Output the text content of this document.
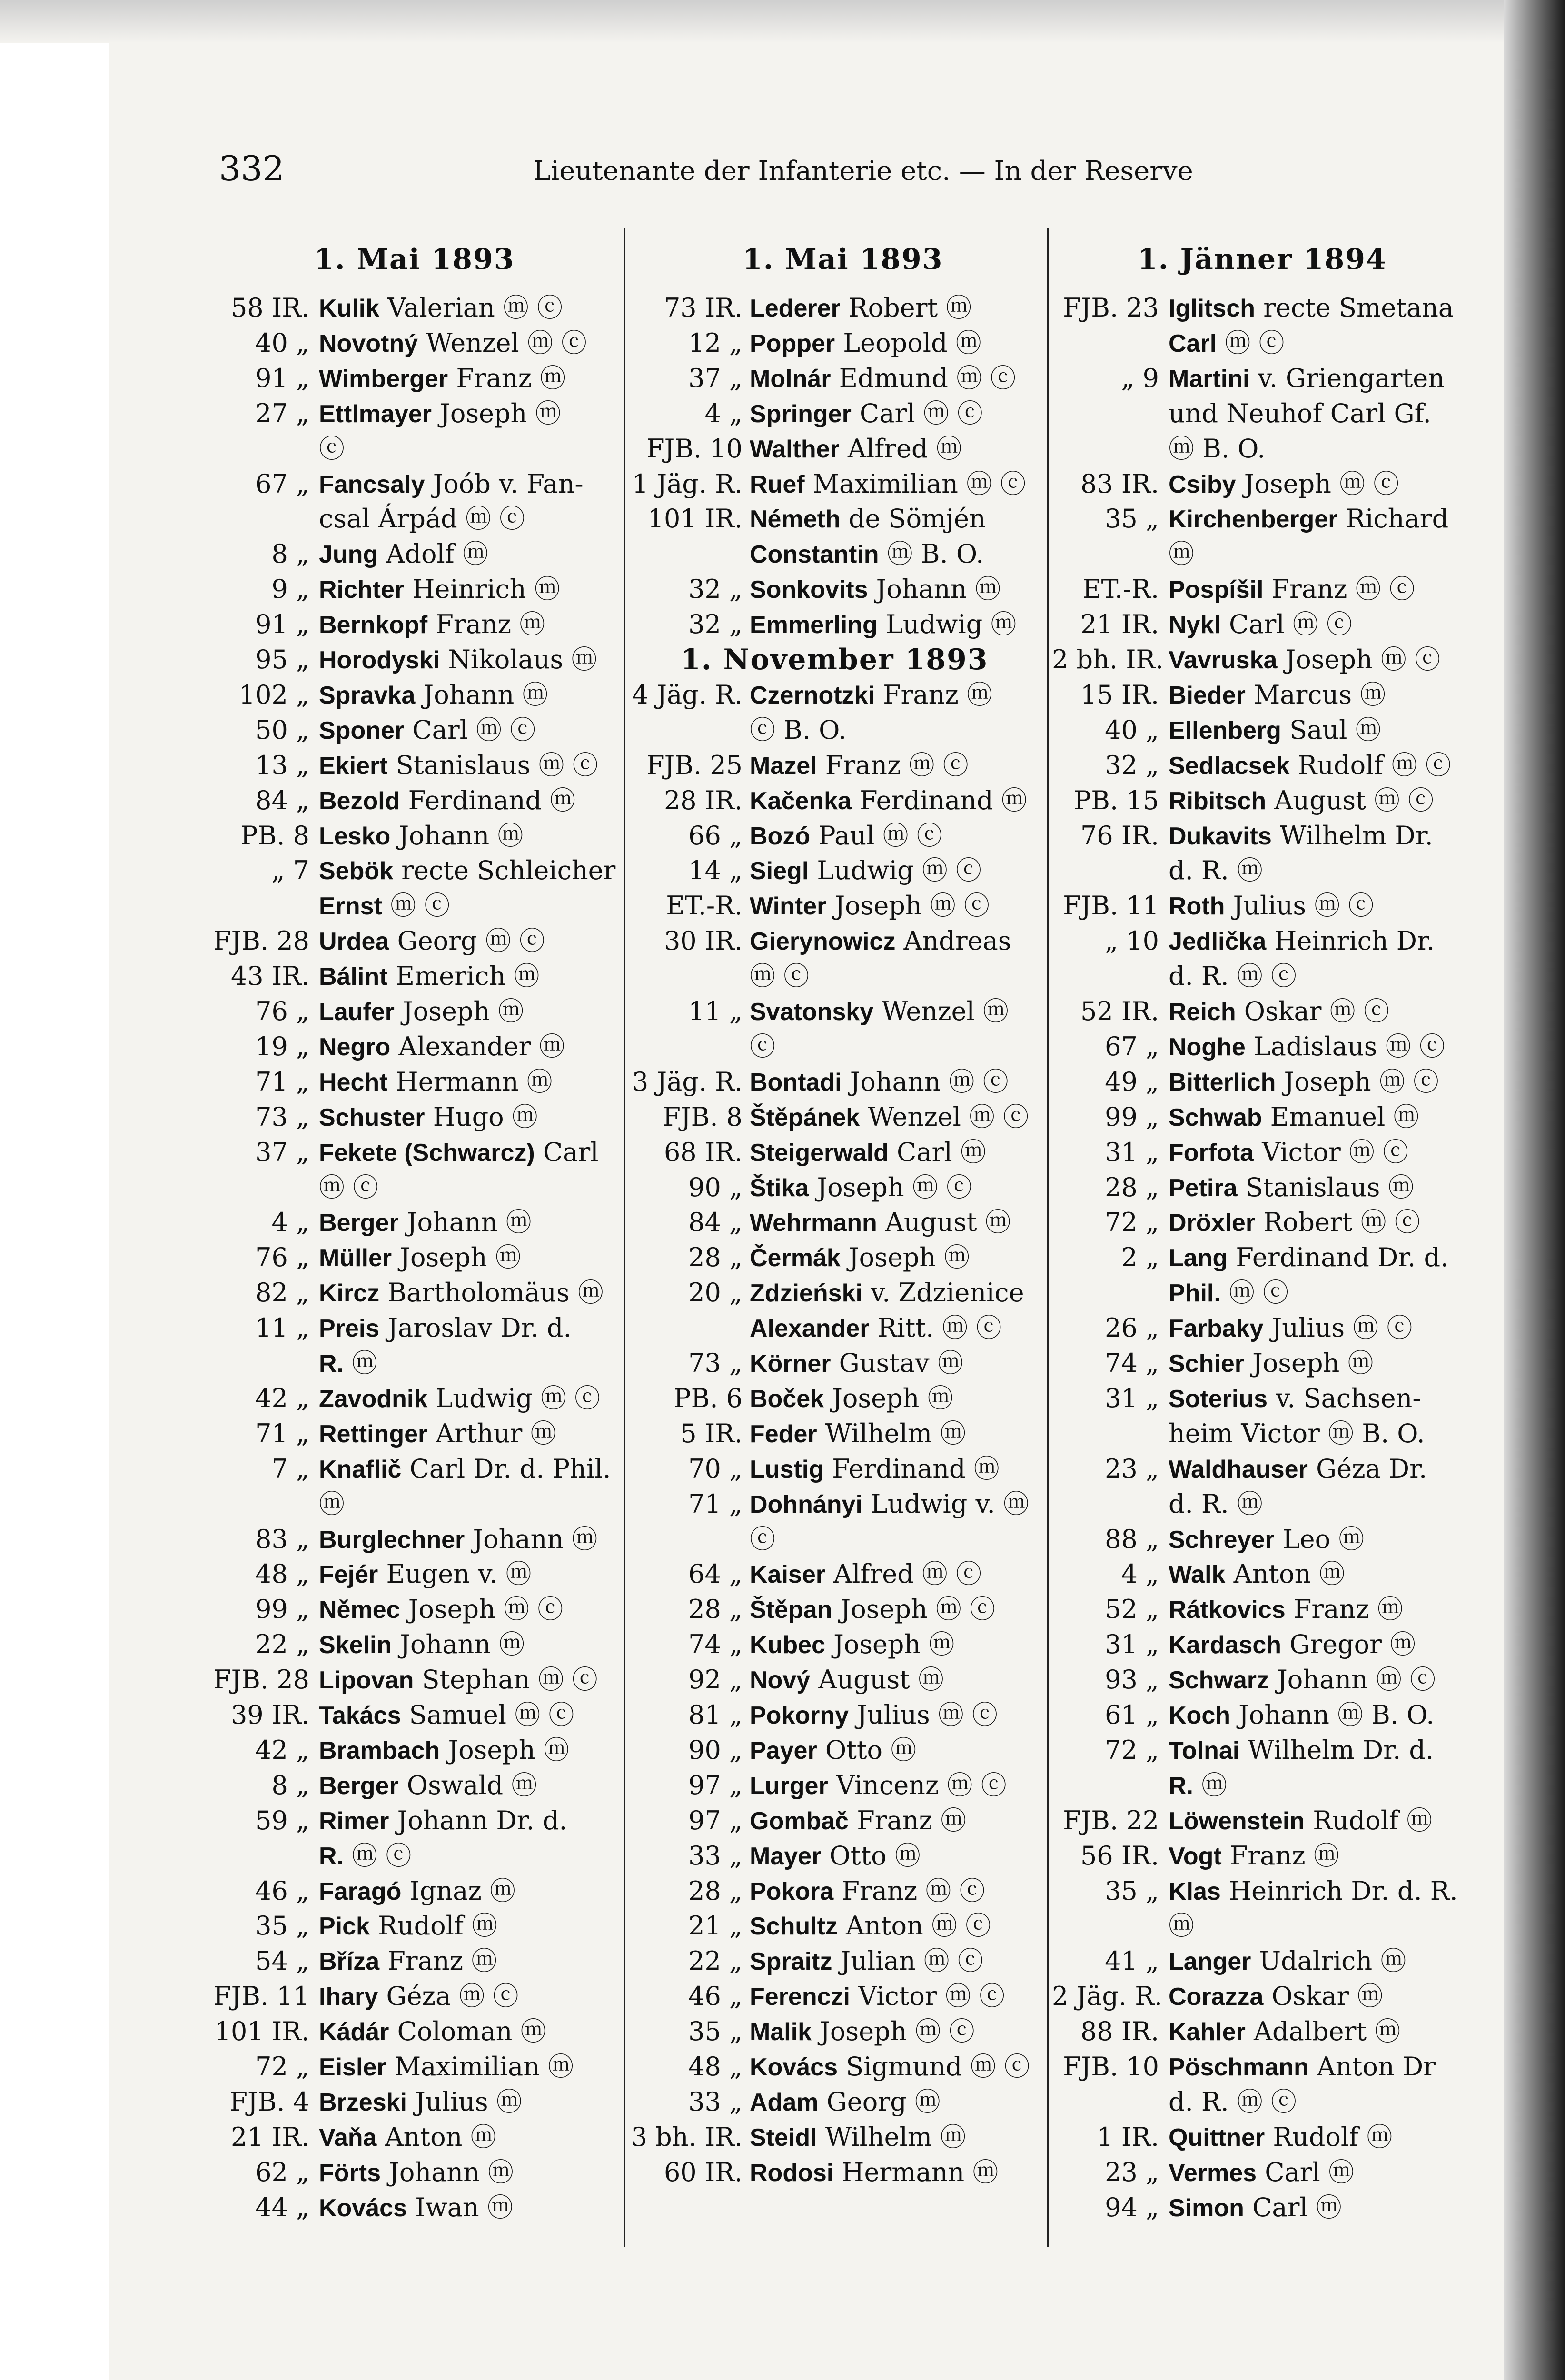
332	Lieutenante der Infanterie etc. — In der Reserve
1. Mai 1893
58 IR. Kulik Valerian ⓜ ⓒ
40 „ Novotný Wenzel ⓜ ⓒ
91 „ Wimberger Franz ⓜ
27 „ Ettlmayer Joseph ⓜ
ⓒ
67 „ Fancsaly Joób v. Fan-
csal Árpád ⓜ ⓒ
8 „ Jung Adolf ⓜ
9 „ Richter Heinrich ⓜ
91 „ Bernkopf Franz ⓜ
95 „ Horodyski Nikolaus ⓜ
102 „ Spravka Johann ⓜ
50 „ Sponer Carl ⓜ ⓒ
13 „ Ekiert Stanislaus ⓜ ⓒ
84 „ Bezold Ferdinand ⓜ
PB. 8 Lesko Johann ⓜ
„ 7 Sebök recte Schleicher
Ernst ⓜ ⓒ
FJB. 28 Urdea Georg ⓜ ⓒ
43 IR. Bálint Emerich ⓜ
76 „ Laufer Joseph ⓜ
19 „ Negro Alexander ⓜ
71 „ Hecht Hermann ⓜ
73 „ Schuster Hugo ⓜ
37 „ Fekete (Schwarcz) Carl
ⓜ ⓒ
4 „ Berger Johann ⓜ
76 „ Müller Joseph ⓜ
82 „ Kircz Bartholomäus ⓜ
11 „ Preis Jaroslav Dr. d.
R. ⓜ
42 „ Zavodnik Ludwig ⓜ ⓒ
71 „ Rettinger Arthur ⓜ
7 „ Knaflič Carl Dr. d. Phil.
ⓜ
83 „ Burglechner Johann ⓜ
48 „ Fejér Eugen v. ⓜ
99 „ Němec Joseph ⓜ ⓒ
22 „ Skelin Johann ⓜ
FJB. 28 Lipovan Stephan ⓜ ⓒ
39 IR. Takács Samuel ⓜ ⓒ
42 „ Brambach Joseph ⓜ
8 „ Berger Oswald ⓜ
59 „ Rimer Johann Dr. d.
R. ⓜ ⓒ
46 „ Faragó Ignaz ⓜ
35 „ Pick Rudolf ⓜ
54 „ Bříza Franz ⓜ
FJB. 11 Ihary Géza ⓜ ⓒ
101 IR. Kádár Coloman ⓜ
72 „ Eisler Maximilian ⓜ
FJB. 4 Brzeski Julius ⓜ
21 IR. Vaňa Anton ⓜ
62 „ Förts Johann ⓜ
44 „ Kovács Iwan ⓜ
1. Mai 1893
73 IR. Lederer Robert ⓜ
12 „ Popper Leopold ⓜ
37 „ Molnár Edmund ⓜ ⓒ
4 „ Springer Carl ⓜ ⓒ
FJB. 10 Walther Alfred ⓜ
1 Jäg. R. Ruef Maximilian ⓜ ⓒ
101 IR. Németh de Sömjén
Constantin ⓜ B. O.
32 „ Sonkovits Johann ⓜ
32 „ Emmerling Ludwig ⓜ
1. November 1893
4 Jäg. R. Czernotzki Franz ⓜ
ⓒ B. O.
FJB. 25 Mazel Franz ⓜ ⓒ
28 IR. Kačenka Ferdinand ⓜ
66 „ Bozó Paul ⓜ ⓒ
14 „ Siegl Ludwig ⓜ ⓒ
ET.-R. Winter Joseph ⓜ ⓒ
30 IR. Gierynowicz Andreas
ⓜ ⓒ
11 „ Svatonsky Wenzel ⓜ
ⓒ
3 Jäg. R. Bontadi Johann ⓜ ⓒ
FJB. 8 Štěpánek Wenzel ⓜ ⓒ
68 IR. Steigerwald Carl ⓜ
90 „ Štika Joseph ⓜ ⓒ
84 „ Wehrmann August ⓜ
28 „ Čermák Joseph ⓜ
20 „ Zdzieński v. Zdzienice
Alexander Ritt. ⓜ ⓒ
73 „ Körner Gustav ⓜ
PB. 6 Boček Joseph ⓜ
5 IR. Feder Wilhelm ⓜ
70 „ Lustig Ferdinand ⓜ
71 „ Dohnányi Ludwig v. ⓜ
ⓒ
64 „ Kaiser Alfred ⓜ ⓒ
28 „ Štěpan Joseph ⓜ ⓒ
74 „ Kubec Joseph ⓜ
92 „ Nový August ⓜ
81 „ Pokorny Julius ⓜ ⓒ
90 „ Payer Otto ⓜ
97 „ Lurger Vincenz ⓜ ⓒ
97 „ Gombač Franz ⓜ
33 „ Mayer Otto ⓜ
28 „ Pokora Franz ⓜ ⓒ
21 „ Schultz Anton ⓜ ⓒ
22 „ Spraitz Julian ⓜ ⓒ
46 „ Ferenczi Victor ⓜ ⓒ
35 „ Malik Joseph ⓜ ⓒ
48 „ Kovács Sigmund ⓜ ⓒ
33 „ Adam Georg ⓜ
3 bh. IR. Steidl Wilhelm ⓜ
60 IR. Rodosi Hermann ⓜ
1. Jänner 1894
FJB. 23 Iglitsch recte Smetana
Carl ⓜ ⓒ
„ 9 Martini v. Griengarten
und Neuhof Carl Gf.
ⓜ B. O.
83 IR. Csiby Joseph ⓜ ⓒ
35 „ Kirchenberger Richard
ⓜ
ET.-R. Pospíšil Franz ⓜ ⓒ
21 IR. Nykl Carl ⓜ ⓒ
2 bh. IR. Vavruska Joseph ⓜ ⓒ
15 IR. Bieder Marcus ⓜ
40 „ Ellenberg Saul ⓜ
32 „ Sedlacsek Rudolf ⓜ ⓒ
PB. 15 Ribitsch August ⓜ ⓒ
76 IR. Dukavits Wilhelm Dr.
d. R. ⓜ
FJB. 11 Roth Julius ⓜ ⓒ
„ 10 Jedlička Heinrich Dr.
d. R. ⓜ ⓒ
52 IR. Reich Oskar ⓜ ⓒ
67 „ Noghe Ladislaus ⓜ ⓒ
49 „ Bitterlich Joseph ⓜ ⓒ
99 „ Schwab Emanuel ⓜ
31 „ Forfota Victor ⓜ ⓒ
28 „ Petira Stanislaus ⓜ
72 „ Dröxler Robert ⓜ ⓒ
2 „ Lang Ferdinand Dr. d.
Phil. ⓜ ⓒ
26 „ Farbaky Julius ⓜ ⓒ
74 „ Schier Joseph ⓜ
31 „ Soterius v. Sachsen-
heim Victor ⓜ B. O.
23 „ Waldhauser Géza Dr.
d. R. ⓜ
88 „ Schreyer Leo ⓜ
4 „ Walk Anton ⓜ
52 „ Rátkovics Franz ⓜ
31 „ Kardasch Gregor ⓜ
93 „ Schwarz Johann ⓜ ⓒ
61 „ Koch Johann ⓜ B. O.
72 „ Tolnai Wilhelm Dr. d.
R. ⓜ
FJB. 22 Löwenstein Rudolf ⓜ
56 IR. Vogt Franz ⓜ
35 „ Klas Heinrich Dr. d. R.
ⓜ
41 „ Langer Udalrich ⓜ
2 Jäg. R. Corazza Oskar ⓜ
88 IR. Kahler Adalbert ⓜ
FJB. 10 Pöschmann Anton Dr
d. R. ⓜ ⓒ
1 IR. Quittner Rudolf ⓜ
23 „ Vermes Carl ⓜ
94 „ Simon Carl ⓜ
